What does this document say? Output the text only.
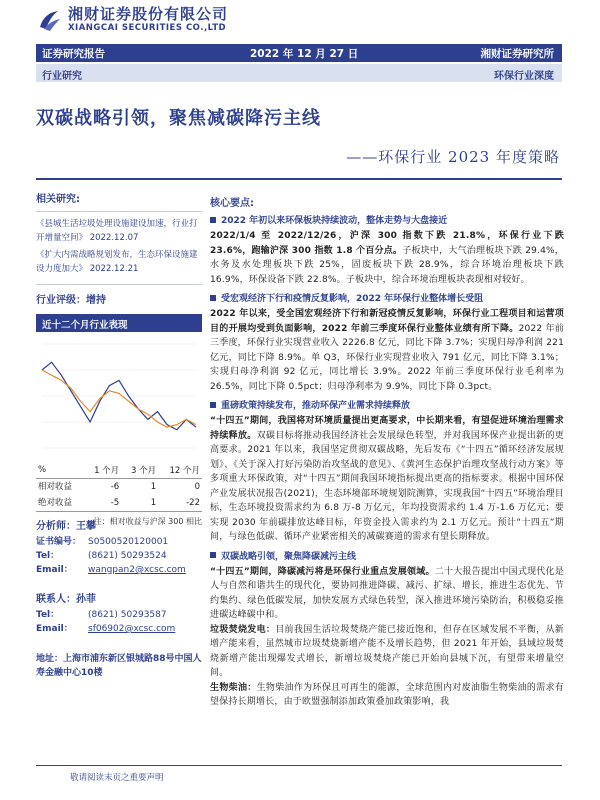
湘财证券股份有限公司
XIANGCAI SECURITIES CO.,LTD
证券研究报告	2022 年 12 月 27 日	湘财证券研究所
行业研究	环保行业深度
双碳战略引领，聚焦减碳降污主线
——环保行业 2023 年度策略
相关研究:
《县城生活垃圾处理设施建设加速，行业打开增量空间》 2022.12.07
《扩大内需战略规划发布，生态环保设施建设力度加大》 2022.12.21
行业评级：增持
近十二个月行业表现
%	1 个月	3 个月	12 个月
相对收益	-6	1	0
绝对收益	-5	1	-22
注：相对收益与沪深 300 相比
分析师：王攀
证书编号： S0500520120001
Tel：	(8621) 50293524
Email： wangpan2@xcsc.com
联系人：孙菲
Tel：	(8621) 50293587
Email： sf06902@xcsc.com
地址：上海市浦东新区银城路88号中国人寿金融中心10楼
核心要点:
2022 年初以来环保板块持续波动，整体走势与大盘接近
2022/1/4 至 2022/12/26，沪深 300 指数下跌 21.8%，环保行业下跌 23.6%，跑输沪深 300 指数 1.8 个百分点。子板块中，大气治理板块下跌 29.4%，水务及水处理板块下跌 25%，固废板块下跌 28.9%，综合环境治理板块下跌 16.9%，环保设备下跌 22.8%。子板块中，综合环境治理板块表现相对较好。
受宏观经济下行和疫情反复影响，2022 年环保行业整体增长受阻
2022 年以来，受全国宏观经济下行和新冠疫情反复影响，环保行业工程项目和运营项目的开展均受到负面影响，2022 年前三季度环保行业整体业绩有所下降。2022 年前三季度，环保行业实现营业收入 2226.8 亿元，同比下降 3.7%；实现归母净利润 221 亿元，同比下降 8.9%。单 Q3，环保行业实现营业收入 791 亿元，同比下降 3.1%；实现归母净利润 92 亿元，同比增长 3.9%。2022 年前三季度环保行业毛利率为 26.5%，同比下降 0.5pct；归母净利率为 9.9%，同比下降 0.3pct。
重磅政策持续发布，推动环保产业需求持续释放
“十四五”期间，我国将对环境质量提出更高要求，中长期来看，有望促进环境治理需求持续释放。双碳目标将推动我国经济社会发展绿色转型，并对我国环保产业提出新的更高要求。2021 年以来，我国坚定贯彻双碳战略，先后发布《“十四五”循环经济发展规划》、《关于深入打好污染防治攻坚战的意见》、《黄河生态保护治理攻坚战行动方案》等多项重大环保政策，对“十四五”期间我国环境指标提出更高的指标要求。根据中国环保产业发展状况报告(2021)，生态环境部环境规划院测算，实现我国“十四五”环境治理目标，生态环境投资需求约为 6.8 万-8 万亿元，年均投资需求约 1.4 万-1.6 万亿元；要实现 2030 年前碳排放达峰目标，年资金投入需求约为 2.1 万亿元。预计“十四五”期间，与绿色低碳、循环产业紧密相关的减碳赛道的需求有望长期释放。
双碳战略引领，聚焦降碳减污主线
“十四五”期间，降碳减污将是环保行业重点发展领域。二十大报告提出中国式现代化是人与自然和谐共生的现代化，要协同推进降碳、减污、扩绿、增长，推进生态优先、节约集约、绿色低碳发展，加快发展方式绿色转型，深入推进环境污染防治，积极稳妥推进碳达峰碳中和。
垃圾焚烧发电：目前我国生活垃圾焚烧产能已接近饱和，但存在区域发展不平衡，从新增产能来看，虽然城市垃圾焚烧新增产能不及增长趋势，但 2021 年开始，县域垃圾焚烧新增产能出现爆发式增长，新增垃圾焚烧产能已开始向县城下沉，有望带来增量空间。
生物柴油：生物柴油作为环保且可再生的能源，全球范围内对废油脂生物柴油的需求有望保持长期增长，由于欧盟强制添加政策叠加政策影响，我
敬请阅读末页之重要声明
